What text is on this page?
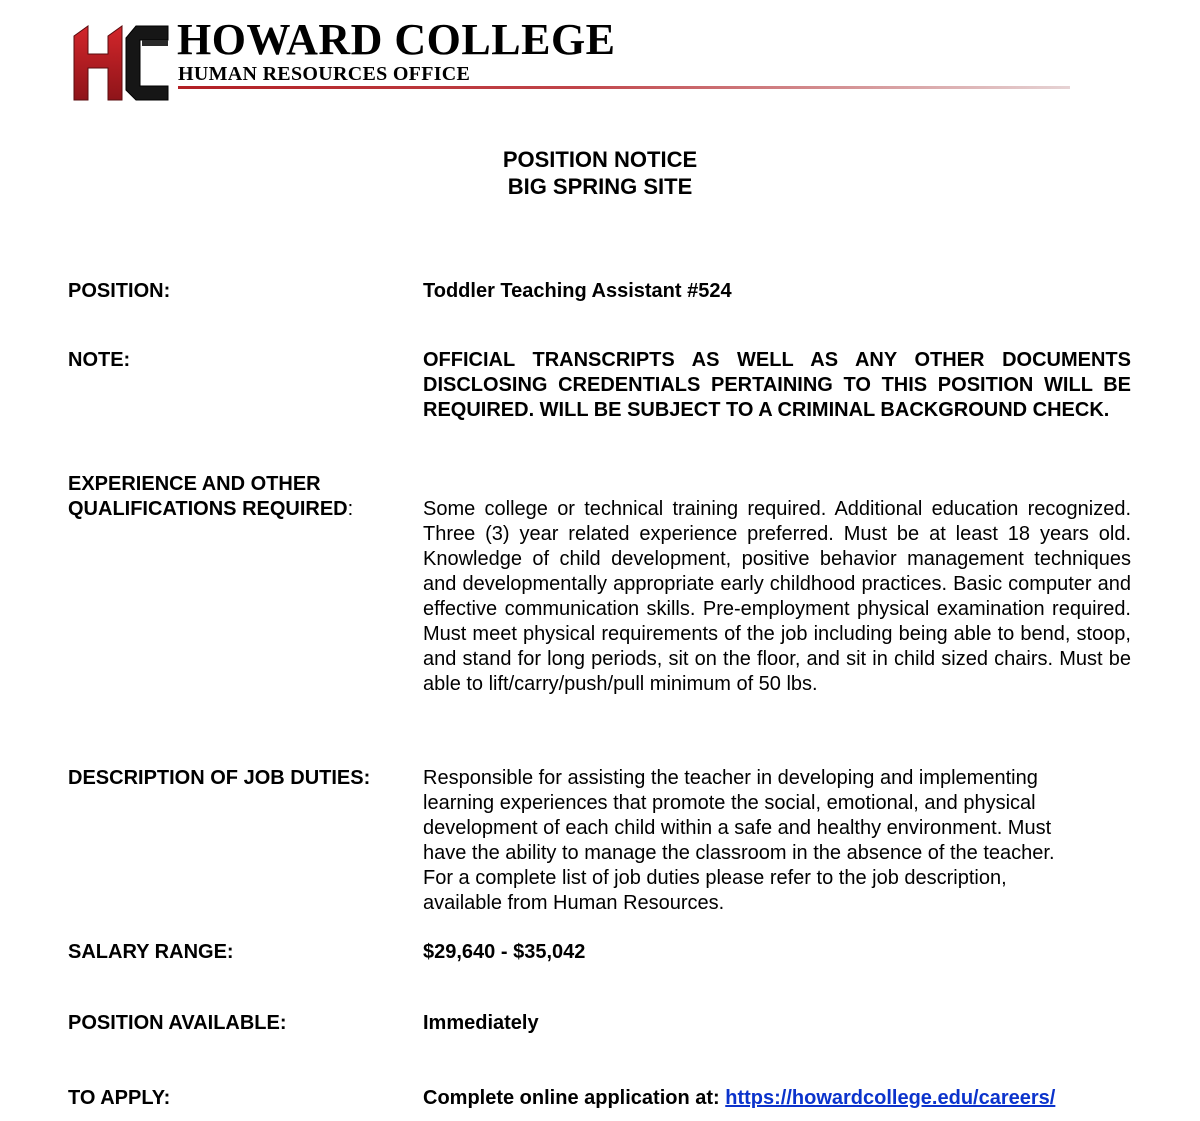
HOWARD COLLEGE
HUMAN RESOURCES OFFICE
POSITION NOTICE
BIG SPRING SITE
POSITION:	Toddler Teaching Assistant #524
NOTE:	OFFICIAL TRANSCRIPTS AS WELL AS ANY OTHER DOCUMENTS DISCLOSING CREDENTIALS PERTAINING TO THIS POSITION WILL BE REQUIRED. WILL BE SUBJECT TO A CRIMINAL BACKGROUND CHECK.
EXPERIENCE AND OTHER
QUALIFICATIONS REQUIRED:	Some college or technical training required. Additional education recognized. Three (3) year related experience preferred. Must be at least 18 years old. Knowledge of child development, positive behavior management techniques and developmentally appropriate early childhood practices. Basic computer and effective communication skills. Pre-employment physical examination required. Must meet physical requirements of the job including being able to bend, stoop, and stand for long periods, sit on the floor, and sit in child sized chairs. Must be able to lift/carry/push/pull minimum of 50 lbs.
DESCRIPTION OF JOB DUTIES:	Responsible for assisting the teacher in developing and implementing
learning experiences that promote the social, emotional, and physical
development of each child within a safe and healthy environment. Must
have the ability to manage the classroom in the absence of the teacher.
For a complete list of job duties please refer to the job description,
available from Human Resources.
SALARY RANGE:	$29,640 - $35,042
POSITION AVAILABLE:	Immediately
TO APPLY:	Complete online application at: https://howardcollege.edu/careers/
